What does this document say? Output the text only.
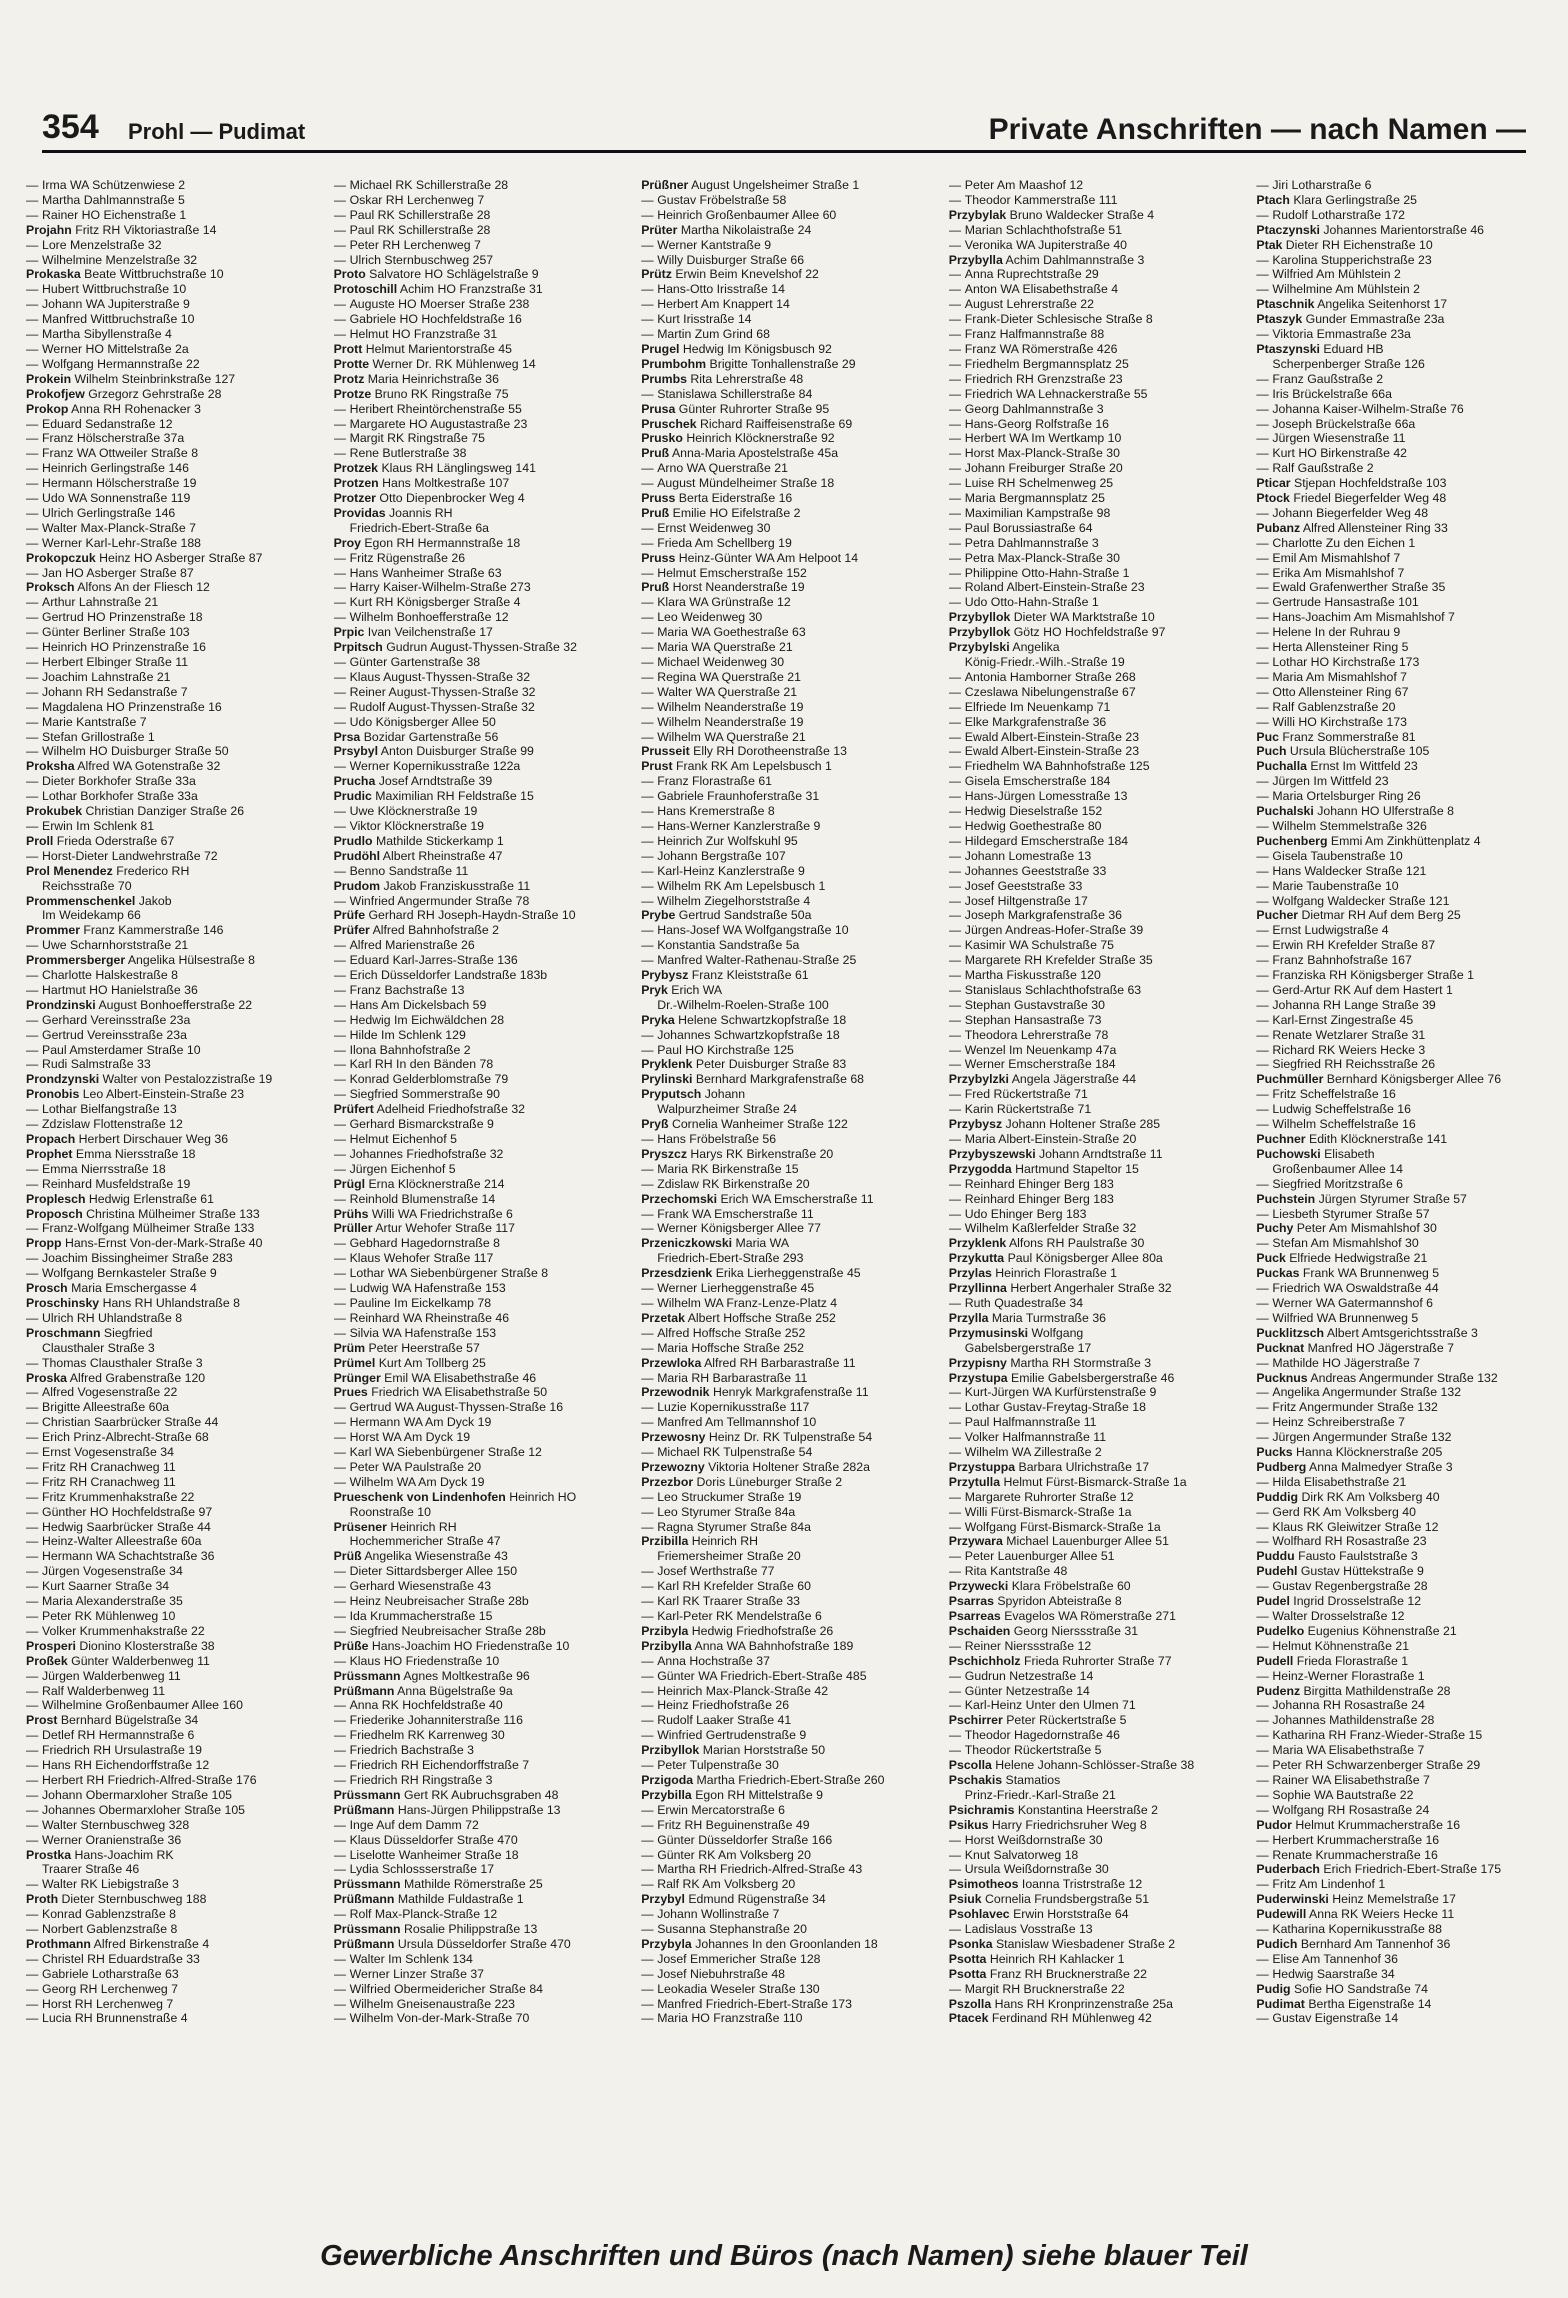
354 Prohl — Pudimat	Private Anschriften — nach Namen —
— Irma WA Schützenwiese 2
— Martha Dahlmannstraße 5
— Rainer HO Eichenstraße 1
Projahn Fritz RH Viktoriastraße 14
— Lore Menzelstraße 32
— Wilhelmine Menzelstraße 32
Prokaska Beate Wittbruchstraße 10
— Hubert Wittbruchstraße 10
— Johann WA Jupiterstraße 9
— Manfred Wittbruchstraße 10
— Martha Sibyllenstraße 4
— Werner HO Mittelstraße 2a
— Wolfgang Hermannstraße 22
Prokein Wilhelm Steinbrinkstraße 127
Prokofjew Grzegorz Gehrstraße 28
Prokop Anna RH Rohenacker 3
— Eduard Sedanstraße 12
— Franz Hölscherstraße 37a
— Franz WA Ottweiler Straße 8
— Heinrich Gerlingstraße 146
— Hermann Hölscherstraße 19
— Udo WA Sonnenstraße 119
— Ulrich Gerlingstraße 146
— Walter Max-Planck-Straße 7
— Werner Karl-Lehr-Straße 188
Prokopczuk Heinz HO Asberger Straße 87
— Jan HO Asberger Straße 87
Proksch Alfons An der Fliesch 12
— Arthur Lahnstraße 21
— Gertrud HO Prinzenstraße 18
— Günter Berliner Straße 103
— Heinrich HO Prinzenstraße 16
— Herbert Elbinger Straße 11
— Joachim Lahnstraße 21
— Johann RH Sedanstraße 7
— Magdalena HO Prinzenstraße 16
— Marie Kantstraße 7
— Stefan Grillostraße 1
— Wilhelm HO Duisburger Straße 50
Proksha Alfred WA Gotenstraße 32
— Dieter Borkhofer Straße 33a
— Lothar Borkhofer Straße 33a
Prokubek Christian Danziger Straße 26
— Erwin Im Schlenk 81
Proll Frieda Oderstraße 67
— Horst-Dieter Landwehrstraße 72
Prol Menendez Frederico RH
Reichsstraße 70
Prommenschenkel Jakob
Im Weidekamp 66
Prommer Franz Kammerstraße 146
— Uwe Scharnhorststraße 21
Prommersberger Angelika Hülsestraße 8
— Charlotte Halskestraße 8
— Hartmut HO Hanielstraße 36
Prondzinski August Bonhoefferstraße 22
— Gerhard Vereinsstraße 23a
— Gertrud Vereinsstraße 23a
— Paul Amsterdamer Straße 10
— Rudi Salmstraße 33
Prondzynski Walter von Pestalozzistraße 19
Pronobis Leo Albert-Einstein-Straße 23
— Lothar Bielfangstraße 13
— Zdzislaw Flottenstraße 12
Propach Herbert Dirschauer Weg 36
Prophet Emma Niersstraße 18
— Emma Nierrsstraße 18
— Reinhard Musfeldstraße 19
Proplesch Hedwig Erlenstraße 61
Proposch Christina Mülheimer Straße 133
— Franz-Wolfgang Mülheimer Straße 133
Propp Hans-Ernst Von-der-Mark-Straße 40
— Joachim Bissingheimer Straße 283
— Wolfgang Bernkasteler Straße 9
Prosch Maria Emschergasse 4
Proschinsky Hans RH Uhlandstraße 8
— Ulrich RH Uhlandstraße 8
Proschmann Siegfried
Clausthaler Straße 3
— Thomas Clausthaler Straße 3
Proska Alfred Grabenstraße 120
— Alfred Vogesenstraße 22
— Brigitte Alleestraße 60a
— Christian Saarbrücker Straße 44
— Erich Prinz-Albrecht-Straße 68
— Ernst Vogesenstraße 34
— Fritz RH Cranachweg 11
— Fritz RH Cranachweg 11
— Fritz Krummenhakstraße 22
— Günther HO Hochfeldstraße 97
— Hedwig Saarbrücker Straße 44
— Heinz-Walter Alleestraße 60a
— Hermann WA Schachtstraße 36
— Jürgen Vogesenstraße 34
— Kurt Saarner Straße 34
— Maria Alexanderstraße 35
— Peter RK Mühlenweg 10
— Volker Krummenhakstraße 22
Prosperi Dionino Klosterstraße 38
Proßek Günter Walderbenweg 11
— Jürgen Walderbenweg 11
— Ralf Walderbenweg 11
— Wilhelmine Großenbaumer Allee 160
Prost Bernhard Bügelstraße 34
— Detlef RH Hermannstraße 6
— Friedrich RH Ursulastraße 19
— Hans RH Eichendorffstraße 12
— Herbert RH Friedrich-Alfred-Straße 176
— Johann Obermarxloher Straße 105
— Johannes Obermarxloher Straße 105
— Walter Sternbuschweg 328
— Werner Oranienstraße 36
Prostka Hans-Joachim RK
Traarer Straße 46
— Walter RK Liebigstraße 3
Proth Dieter Sternbuschweg 188
— Konrad Gablenzstraße 8
— Norbert Gablenzstraße 8
Prothmann Alfred Birkenstraße 4
— Christel RH Eduardstraße 33
— Gabriele Lotharstraße 63
— Georg RH Lerchenweg 7
— Horst RH Lerchenweg 7
— Lucia RH Brunnenstraße 4
— Michael RK Schillerstraße 28
— Oskar RH Lerchenweg 7
— Paul RK Schillerstraße 28
— Paul RK Schillerstraße 28
— Peter RH Lerchenweg 7
— Ulrich Sternbuschweg 257
Proto Salvatore HO Schlägelstraße 9
Protoschill Achim HO Franzstraße 31
— Auguste HO Moerser Straße 238
— Gabriele HO Hochfeldstraße 16
— Helmut HO Franzstraße 31
Prott Helmut Marientorstraße 45
Protte Werner Dr. RK Mühlenweg 14
Protz Maria Heinrichstraße 36
Protze Bruno RK Ringstraße 75
— Heribert Rheintörchenstraße 55
— Margarete HO Augustastraße 23
— Margit RK Ringstraße 75
— Rene Butlerstraße 38
Protzek Klaus RH Länglingsweg 141
Protzen Hans Moltkestraße 107
Protzer Otto Diepenbrocker Weg 4
Providas Joannis RH
Friedrich-Ebert-Straße 6a
Proy Egon RH Hermannstraße 18
— Fritz Rügenstraße 26
— Hans Wanheimer Straße 63
— Harry Kaiser-Wilhelm-Straße 273
— Kurt RH Königsberger Straße 4
— Wilhelm Bonhoefferstraße 12
Prpic Ivan Veilchenstraße 17
Prpitsch Gudrun August-Thyssen-Straße 32
— Günter Gartenstraße 38
— Klaus August-Thyssen-Straße 32
— Reiner August-Thyssen-Straße 32
— Rudolf August-Thyssen-Straße 32
— Udo Königsberger Allee 50
Prsa Bozidar Gartenstraße 56
Prsybyl Anton Duisburger Straße 99
— Werner Kopernikusstraße 122a
Prucha Josef Arndtstraße 39
Prudic Maximilian RH Feldstraße 15
— Uwe Klöcknerstraße 19
— Viktor Klöcknerstraße 19
Prudlo Mathilde Stickerkamp 1
Prudöhl Albert Rheinstraße 47
— Benno Sandstraße 11
Prudom Jakob Franziskusstraße 11
— Winfried Angermunder Straße 78
Prüfe Gerhard RH Joseph-Haydn-Straße 10
Prüfer Alfred Bahnhofstraße 2
— Alfred Marienstraße 26
— Eduard Karl-Jarres-Straße 136
— Erich Düsseldorfer Landstraße 183b
— Franz Bachstraße 13
— Hans Am Dickelsbach 59
— Hedwig Im Eichwäldchen 28
— Hilde Im Schlenk 129
— Ilona Bahnhofstraße 2
— Karl RH In den Bänden 78
— Konrad Gelderblomstraße 79
— Siegfried Sommerstraße 90
Prüfert Adelheid Friedhofstraße 32
— Gerhard Bismarckstraße 9
— Helmut Eichenhof 5
— Johannes Friedhofstraße 32
— Jürgen Eichenhof 5
Prügl Erna Klöcknerstraße 214
— Reinhold Blumenstraße 14
Prühs Willi WA Friedrichstraße 6
Prüller Artur Wehofer Straße 117
— Gebhard Hagedornstraße 8
— Klaus Wehofer Straße 117
— Lothar WA Siebenbürgener Straße 8
— Ludwig WA Hafenstraße 153
— Pauline Im Eickelkamp 78
— Reinhard WA Rheinstraße 46
— Silvia WA Hafenstraße 153
Prüm Peter Heerstraße 57
Prümel Kurt Am Tollberg 25
Prünger Emil WA Elisabethstraße 46
Prues Friedrich WA Elisabethstraße 50
— Gertrud WA August-Thyssen-Straße 16
— Hermann WA Am Dyck 19
— Horst WA Am Dyck 19
— Karl WA Siebenbürgener Straße 12
— Peter WA Paulstraße 20
— Wilhelm WA Am Dyck 19
Prueschenk von Lindenhofen Heinrich HO
Roonstraße 10
Prüsener Heinrich RH
Hochemmericher Straße 47
Prüß Angelika Wiesenstraße 43
— Dieter Sittardsberger Allee 150
— Gerhard Wiesenstraße 43
— Heinz Neubreisacher Straße 28b
— Ida Krummacherstraße 15
— Siegfried Neubreisacher Straße 28b
Prüße Hans-Joachim HO Friedenstraße 10
— Klaus HO Friedenstraße 10
Prüssmann Agnes Moltkestraße 96
Prüßmann Anna Bügelstraße 9a
— Anna RK Hochfeldstraße 40
— Friederike Johanniterstraße 116
— Friedhelm RK Karrenweg 30
— Friedrich Bachstraße 3
— Friedrich RH Eichendorffstraße 7
— Friedrich RH Ringstraße 3
Prüssmann Gert RK Aubruchsgraben 48
Prüßmann Hans-Jürgen Philippstraße 13
— Inge Auf dem Damm 72
— Klaus Düsseldorfer Straße 470
— Liselotte Wanheimer Straße 18
— Lydia Schlossserstraße 17
Prüssmann Mathilde Römerstraße 25
Prüßmann Mathilde Fuldastraße 1
— Rolf Max-Planck-Straße 12
Prüssmann Rosalie Philippstraße 13
Prüßmann Ursula Düsseldorfer Straße 470
— Walter Im Schlenk 134
— Werner Linzer Straße 37
— Wilfried Obermeidericher Straße 84
— Wilhelm Gneisenaustraße 223
— Wilhelm Von-der-Mark-Straße 70
Prüßner August Ungelsheimer Straße 1
— Gustav Fröbelstraße 58
— Heinrich Großenbaumer Allee 60
Prüter Martha Nikolaistraße 24
— Werner Kantstraße 9
— Willy Duisburger Straße 66
Prütz Erwin Beim Knevelshof 22
— Hans-Otto Irisstraße 14
— Herbert Am Knappert 14
— Kurt Irisstraße 14
— Martin Zum Grind 68
Prugel Hedwig Im Königsbusch 92
Prumbohm Brigitte Tonhallenstraße 29
Prumbs Rita Lehrerstraße 48
— Stanislawa Schillerstraße 84
Prusa Günter Ruhrorter Straße 95
Pruschek Richard Raiffeisenstraße 69
Prusko Heinrich Klöcknerstraße 92
Pruß Anna-Maria Apostelstraße 45a
— Arno WA Querstraße 21
— August Mündelheimer Straße 18
Pruss Berta Eiderstraße 16
Pruß Emilie HO Eifelstraße 2
— Ernst Weidenweg 30
— Frieda Am Schellberg 19
Pruss Heinz-Günter WA Am Helpoot 14
— Helmut Emscherstraße 152
Pruß Horst Neanderstraße 19
— Klara WA Grünstraße 12
— Leo Weidenweg 30
— Maria WA Goethestraße 63
— Maria WA Querstraße 21
— Michael Weidenweg 30
— Regina WA Querstraße 21
— Walter WA Querstraße 21
— Wilhelm Neanderstraße 19
— Wilhelm Neanderstraße 19
— Wilhelm WA Querstraße 21
Prusseit Elly RH Dorotheenstraße 13
Prust Frank RK Am Lepelsbusch 1
— Franz Florastraße 61
— Gabriele Fraunhoferstraße 31
— Hans Kremerstraße 8
— Hans-Werner Kanzlerstraße 9
— Heinrich Zur Wolfskuhl 95
— Johann Bergstraße 107
— Karl-Heinz Kanzlerstraße 9
— Wilhelm RK Am Lepelsbusch 1
— Wilhelm Ziegelhorststraße 4
Prybe Gertrud Sandstraße 50a
— Hans-Josef WA Wolfgangstraße 10
— Konstantia Sandstraße 5a
— Manfred Walter-Rathenau-Straße 25
Prybysz Franz Kleiststraße 61
Pryk Erich WA
Dr.-Wilhelm-Roelen-Straße 100
Pryka Helene Schwartzkopfstraße 18
— Johannes Schwartzkopfstraße 18
— Paul HO Kirchstraße 125
Pryklenk Peter Duisburger Straße 83
Prylinski Bernhard Markgrafenstraße 68
Pryputsch Johann
Walpurzheimer Straße 24
Pryß Cornelia Wanheimer Straße 122
— Hans Fröbelstraße 56
Pryszcz Harys RK Birkenstraße 20
— Maria RK Birkenstraße 15
— Zdislaw RK Birkenstraße 20
Przechomski Erich WA Emscherstraße 11
— Frank WA Emscherstraße 11
— Werner Königsberger Allee 77
Przeniczkowski Maria WA
Friedrich-Ebert-Straße 293
Przesdzienk Erika Lierheggenstraße 45
— Werner Lierheggenstraße 45
— Wilhelm WA Franz-Lenze-Platz 4
Przetak Albert Hoffsche Straße 252
— Alfred Hoffsche Straße 252
— Maria Hoffsche Straße 252
Przewloka Alfred RH Barbarastraße 11
— Maria RH Barbarastraße 11
Przewodnik Henryk Markgrafenstraße 11
— Luzie Kopernikusstraße 117
— Manfred Am Tellmannshof 10
Przewosny Heinz Dr. RK Tulpenstraße 54
— Michael RK Tulpenstraße 54
Przewozny Viktoria Holtener Straße 282a
Przezbor Doris Lüneburger Straße 2
— Leo Struckumer Straße 19
— Leo Styrumer Straße 84a
— Ragna Styrumer Straße 84a
Przibilla Heinrich RH
Friemersheimer Straße 20
— Josef Werthstraße 77
— Karl RH Krefelder Straße 60
— Karl RK Traarer Straße 33
— Karl-Peter RK Mendelstraße 6
Przibyla Hedwig Friedhofstraße 26
Przibylla Anna WA Bahnhofstraße 189
— Anna Hochstraße 37
— Günter WA Friedrich-Ebert-Straße 485
— Heinrich Max-Planck-Straße 42
— Heinz Friedhofstraße 26
— Rudolf Laaker Straße 41
— Winfried Gertrudenstraße 9
Przibyllok Marian Horststraße 50
— Peter Tulpenstraße 30
Przigoda Martha Friedrich-Ebert-Straße 260
Przybilla Egon RH Mittelstraße 9
— Erwin Mercatorstraße 6
— Fritz RH Beguinenstraße 49
— Günter Düsseldorfer Straße 166
— Günter RK Am Volksberg 20
— Martha RH Friedrich-Alfred-Straße 43
— Ralf RK Am Volksberg 20
Przybyl Edmund Rügenstraße 34
— Johann Wollinstraße 7
— Susanna Stephanstraße 20
Przybyla Johannes In den Groonlanden 18
— Josef Emmericher Straße 128
— Josef Niebuhrstraße 48
— Leokadia Weseler Straße 130
— Manfred Friedrich-Ebert-Straße 173
— Maria HO Franzstraße 110
— Peter Am Maashof 12
— Theodor Kammerstraße 111
Przybylak Bruno Waldecker Straße 4
— Marian Schlachthofstraße 51
— Veronika WA Jupiterstraße 40
Przybylla Achim Dahlmannstraße 3
— Anna Ruprechtstraße 29
— Anton WA Elisabethstraße 4
— August Lehrerstraße 22
— Frank-Dieter Schlesische Straße 8
— Franz Halfmannstraße 88
— Franz WA Römerstraße 426
— Friedhelm Bergmannsplatz 25
— Friedrich RH Grenzstraße 23
— Friedrich WA Lehnackerstraße 55
— Georg Dahlmannstraße 3
— Hans-Georg Rolfstraße 16
— Herbert WA Im Wertkamp 10
— Horst Max-Planck-Straße 30
— Johann Freiburger Straße 20
— Luise RH Schelmenweg 25
— Maria Bergmannsplatz 25
— Maximilian Kampstraße 98
— Paul Borussiastraße 64
— Petra Dahlmannstraße 3
— Petra Max-Planck-Straße 30
— Philippine Otto-Hahn-Straße 1
— Roland Albert-Einstein-Straße 23
— Udo Otto-Hahn-Straße 1
Przybyllok Dieter WA Marktstraße 10
Przybyllok Götz HO Hochfeldstraße 97
Przybylski Angelika
König-Friedr.-Wilh.-Straße 19
— Antonia Hamborner Straße 268
— Czeslawa Nibelungenstraße 67
— Elfriede Im Neuenkamp 71
— Elke Markgrafenstraße 36
— Ewald Albert-Einstein-Straße 23
— Ewald Albert-Einstein-Straße 23
— Friedhelm WA Bahnhofstraße 125
— Gisela Emscherstraße 184
— Hans-Jürgen Lomesstraße 13
— Hedwig Dieselstraße 152
— Hedwig Goethestraße 80
— Hildegard Emscherstraße 184
— Johann Lomestraße 13
— Johannes Geeststraße 33
— Josef Geeststraße 33
— Josef Hiltgenstraße 17
— Joseph Markgrafenstraße 36
— Jürgen Andreas-Hofer-Straße 39
— Kasimir WA Schulstraße 75
— Margarete RH Krefelder Straße 35
— Martha Fiskusstraße 120
— Stanislaus Schlachthofstraße 63
— Stephan Gustavstraße 30
— Stephan Hansastraße 73
— Theodora Lehrerstraße 78
— Wenzel Im Neuenkamp 47a
— Werner Emscherstraße 184
Przybylzki Angela Jägerstraße 44
— Fred Rückertstraße 71
— Karin Rückertstraße 71
Przybysz Johann Holtener Straße 285
— Maria Albert-Einstein-Straße 20
Przybyszewski Johann Arndtstraße 11
Przygodda Hartmund Stapeltor 15
— Reinhard Ehinger Berg 183
— Reinhard Ehinger Berg 183
— Udo Ehinger Berg 183
— Wilhelm Kaßlerfelder Straße 32
Przyklenk Alfons RH Paulstraße 30
Przykutta Paul Königsberger Allee 80a
Przylas Heinrich Florastraße 1
Przyllinna Herbert Angerhaler Straße 32
— Ruth Quadestraße 34
Przylla Maria Turmstraße 36
Przymusinski Wolfgang
Gabelsbergerstraße 17
Przypisny Martha RH Stormstraße 3
Przystupa Emilie Gabelsbergerstraße 46
— Kurt-Jürgen WA Kurfürstenstraße 9
— Lothar Gustav-Freytag-Straße 18
— Paul Halfmannstraße 11
— Volker Halfmannstraße 11
— Wilhelm WA Zillestraße 2
Przystuppa Barbara Ulrichstraße 17
Przytulla Helmut Fürst-Bismarck-Straße 1a
— Margarete Ruhrorter Straße 12
— Willi Fürst-Bismarck-Straße 1a
— Wolfgang Fürst-Bismarck-Straße 1a
Przywara Michael Lauenburger Allee 51
— Peter Lauenburger Allee 51
— Rita Kantstraße 48
Przywecki Klara Fröbelstraße 60
Psarras Spyridon Abteistraße 8
Psarreas Evagelos WA Römerstraße 271
Pschaiden Georg Nierssstraße 31
— Reiner Nierssstraße 12
Pschichholz Frieda Ruhrorter Straße 77
— Gudrun Netzestraße 14
— Günter Netzestraße 14
— Karl-Heinz Unter den Ulmen 71
Pschirrer Peter Rückertstraße 5
— Theodor Hagedornstraße 46
— Theodor Rückertstraße 5
Pscolla Helene Johann-Schlösser-Straße 38
Pschakis Stamatios
Prinz-Friedr.-Karl-Straße 21
Psichramis Konstantina Heerstraße 2
Psikus Harry Friedrichsruher Weg 8
— Horst Weißdornstraße 30
— Knut Salvatorweg 18
— Ursula Weißdornstraße 30
Psimotheos Ioanna Tristrstraße 12
Psiuk Cornelia Frundsbergstraße 51
Psohlavec Erwin Horststraße 64
— Ladislaus Vosstraße 13
Psonka Stanislaw Wiesbadener Straße 2
Psotta Heinrich RH Kahlacker 1
Psotta Franz RH Brucknerstraße 22
— Margit RH Brucknerstraße 22
Pszolla Hans RH Kronprinzenstraße 25a
Ptacek Ferdinand RH Mühlenweg 42
— Jiri Lotharstraße 6
Ptach Klara Gerlingstraße 25
— Rudolf Lotharstraße 172
Ptaczynski Johannes Marientorstraße 46
Ptak Dieter RH Eichenstraße 10
— Karolina Stupperichstraße 23
— Wilfried Am Mühlstein 2
— Wilhelmine Am Mühlstein 2
Ptaschnik Angelika Seitenhorst 17
Ptaszyk Gunder Emmastraße 23a
— Viktoria Emmastraße 23a
Ptaszynski Eduard HB
Scherpenberger Straße 126
— Franz Gaußstraße 2
— Iris Brückelstraße 66a
— Johanna Kaiser-Wilhelm-Straße 76
— Joseph Brückelstraße 66a
— Jürgen Wiesenstraße 11
— Kurt HO Birkenstraße 42
— Ralf Gaußstraße 2
Pticar Stjepan Hochfeldstraße 103
Ptock Friedel Biegerfelder Weg 48
— Johann Biegerfelder Weg 48
Pubanz Alfred Allensteiner Ring 33
— Charlotte Zu den Eichen 1
— Emil Am Mismahlshof 7
— Erika Am Mismahlshof 7
— Ewald Grafenwerther Straße 35
— Gertrude Hansastraße 101
— Hans-Joachim Am Mismahlshof 7
— Helene In der Ruhrau 9
— Herta Allensteiner Ring 5
— Lothar HO Kirchstraße 173
— Maria Am Mismahlshof 7
— Otto Allensteiner Ring 67
— Ralf Gablenzstraße 20
— Willi HO Kirchstraße 173
Puc Franz Sommerstraße 81
Puch Ursula Blücherstraße 105
Puchalla Ernst Im Wittfeld 23
— Jürgen Im Wittfeld 23
— Maria Ortelsburger Ring 26
Puchalski Johann HO Ulferstraße 8
— Wilhelm Stemmelstraße 326
Puchenberg Emmi Am Zinkhüttenplatz 4
— Gisela Taubenstraße 10
— Hans Waldecker Straße 121
— Marie Taubenstraße 10
— Wolfgang Waldecker Straße 121
Pucher Dietmar RH Auf dem Berg 25
— Ernst Ludwigstraße 4
— Erwin RH Krefelder Straße 87
— Franz Bahnhofstraße 167
— Franziska RH Königsberger Straße 1
— Gerd-Artur RK Auf dem Hastert 1
— Johanna RH Lange Straße 39
— Karl-Ernst Zingestraße 45
— Renate Wetzlarer Straße 31
— Richard RK Weiers Hecke 3
— Siegfried RH Reichsstraße 26
Puchmüller Bernhard Königsberger Allee 76
— Fritz Scheffelstraße 16
— Ludwig Scheffelstraße 16
— Wilhelm Scheffelstraße 16
Puchner Edith Klöcknerstraße 141
Puchowski Elisabeth
Großenbaumer Allee 14
— Siegfried Moritzstraße 6
Puchstein Jürgen Styrumer Straße 57
— Liesbeth Styrumer Straße 57
Puchy Peter Am Mismahlshof 30
— Stefan Am Mismahlshof 30
Puck Elfriede Hedwigstraße 21
Puckas Frank WA Brunnenweg 5
— Friedrich WA Oswaldstraße 44
— Werner WA Gatermannshof 6
— Wilfried WA Brunnenweg 5
Pucklitzsch Albert Amtsgerichtsstraße 3
Pucknat Manfred HO Jägerstraße 7
— Mathilde HO Jägerstraße 7
Pucknus Andreas Angermunder Straße 132
— Angelika Angermunder Straße 132
— Fritz Angermunder Straße 132
— Heinz Schreiberstraße 7
— Jürgen Angermunder Straße 132
Pucks Hanna Klöcknerstraße 205
Pudberg Anna Malmedyer Straße 3
— Hilda Elisabethstraße 21
Puddig Dirk RK Am Volksberg 40
— Gerd RK Am Volksberg 40
— Klaus RK Gleiwitzer Straße 12
— Wolfhard RH Rosastraße 23
Puddu Fausto Faulststraße 3
Pudehl Gustav Hüttekstraße 9
— Gustav Regenbergstraße 28
Pudel Ingrid Drosselstraße 12
— Walter Drosselstraße 12
Pudelko Eugenius Köhnenstraße 21
— Helmut Köhnenstraße 21
Pudell Frieda Florastraße 1
— Heinz-Werner Florastraße 1
Pudenz Birgitta Mathildenstraße 28
— Johanna RH Rosastraße 24
— Johannes Mathildenstraße 28
— Katharina RH Franz-Wieder-Straße 15
— Maria WA Elisabethstraße 7
— Peter RH Schwarzenberger Straße 29
— Rainer WA Elisabethstraße 7
— Sophie WA Bautstraße 22
— Wolfgang RH Rosastraße 24
Pudor Helmut Krummacherstraße 16
— Herbert Krummacherstraße 16
— Renate Krummacherstraße 16
Puderbach Erich Friedrich-Ebert-Straße 175
— Fritz Am Lindenhof 1
Puderwinski Heinz Memelstraße 17
Pudewill Anna RK Weiers Hecke 11
— Katharina Kopernikusstraße 88
Pudich Bernhard Am Tannenhof 36
— Elise Am Tannenhof 36
— Hedwig Saarstraße 34
Pudig Sofie HO Sandstraße 74
Pudimat Bertha Eigenstraße 14
— Gustav Eigenstraße 14
Gewerbliche Anschriften und Büros (nach Namen) siehe blauer Teil
